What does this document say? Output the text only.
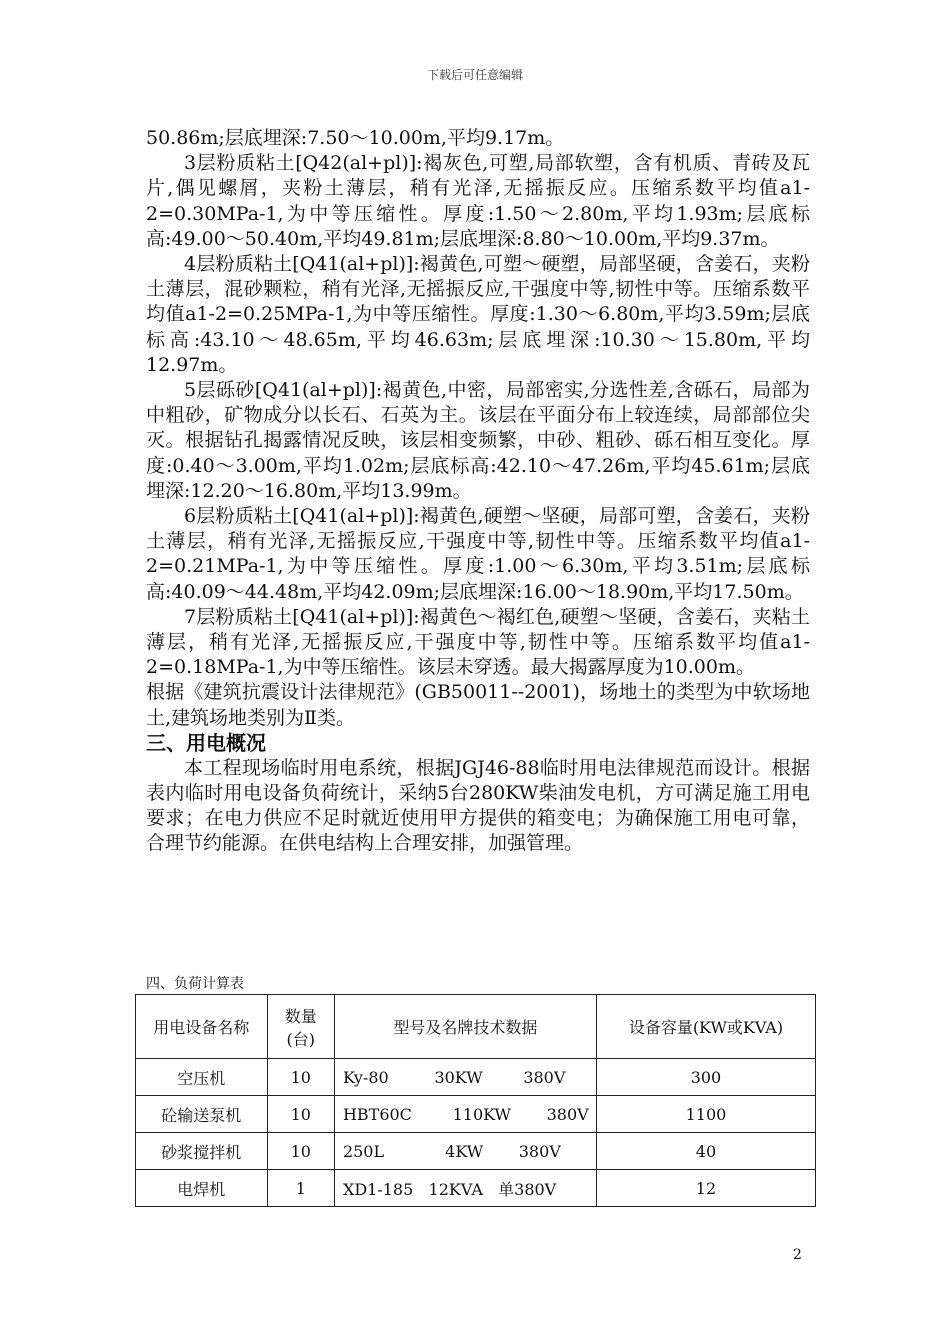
下载后可任意编辑

50.86m;层底埋深:7.50～10.00m,平均9.17m。

3层粉质粘土[Q42(al+pl)]:褐灰色,可塑,局部软塑，含有机质、青砖及瓦片,偶见螺屑，夹粉土薄层，稍有光泽,无摇振反应。压缩系数平均值a1-2=0.30MPa-1,为中等压缩性。厚度:1.50～2.80m,平均1.93m;层底标高:49.00～50.40m,平均49.81m;层底埋深:8.80～10.00m,平均9.37m。

4层粉质粘土[Q41(al+pl)]:褐黄色,可塑～硬塑，局部坚硬，含姜石，夹粉土薄层，混砂颗粒，稍有光泽,无摇振反应,干强度中等,韧性中等。压缩系数平均值a1-2=0.25MPa-1,为中等压缩性。厚度:1.30～6.80m,平均3.59m;层底标高:43.10～48.65m,平均46.63m;层底埋深:10.30～15.80m,平均12.97m。

5层砾砂[Q41(al+pl)]:褐黄色,中密，局部密实,分选性差,含砾石，局部为中粗砂，矿物成分以长石、石英为主。该层在平面分布上较连续，局部部位尖灭。根据钻孔揭露情况反映，该层相变频繁，中砂、粗砂、砾石相互变化。厚度:0.40～3.00m,平均1.02m;层底标高:42.10～47.26m,平均45.61m;层底埋深:12.20～16.80m,平均13.99m。

6层粉质粘土[Q41(al+pl)]:褐黄色,硬塑～坚硬，局部可塑，含姜石，夹粉土薄层，稍有光泽,无摇振反应,干强度中等,韧性中等。压缩系数平均值a1-2=0.21MPa-1,为中等压缩性。厚度:1.00～6.30m,平均3.51m;层底标高:40.09～44.48m,平均42.09m;层底埋深:16.00～18.90m,平均17.50m。

7层粉质粘土[Q41(al+pl)]:褐黄色～褐红色,硬塑～坚硬，含姜石，夹粘土薄层，稍有光泽,无摇振反应,干强度中等,韧性中等。压缩系数平均值a1-2=0.18MPa-1,为中等压缩性。该层未穿透。最大揭露厚度为10.00m。

根据《建筑抗震设计法律规范》(GB50011--2001)，场地土的类型为中软场地土,建筑场地类别为Ⅱ类。

三、用电概况

本工程现场临时用电系统，根据JGJ46-88临时用电法律规范而设计。根据表内临时用电设备负荷统计，采纳5台280KW柴油发电机，方可满足施工用电要求；在电力供应不足时就近使用甲方提供的箱变电；为确保施工用电可靠，合理节约能源。在供电结构上合理安排，加强管理。

四、负荷计算表
用电设备名称	数量(台)	型号及名牌技术数据	设备容量(KW或KVA)
空压机	10	Ky-80         30KW        380V	300
砼输送泵机	10	HBT60C        110KW       380V	1100
砂浆搅拌机	10	250L            4KW       380V	40
电焊机	1	XD1-185   12KVA   单380V	12
2
